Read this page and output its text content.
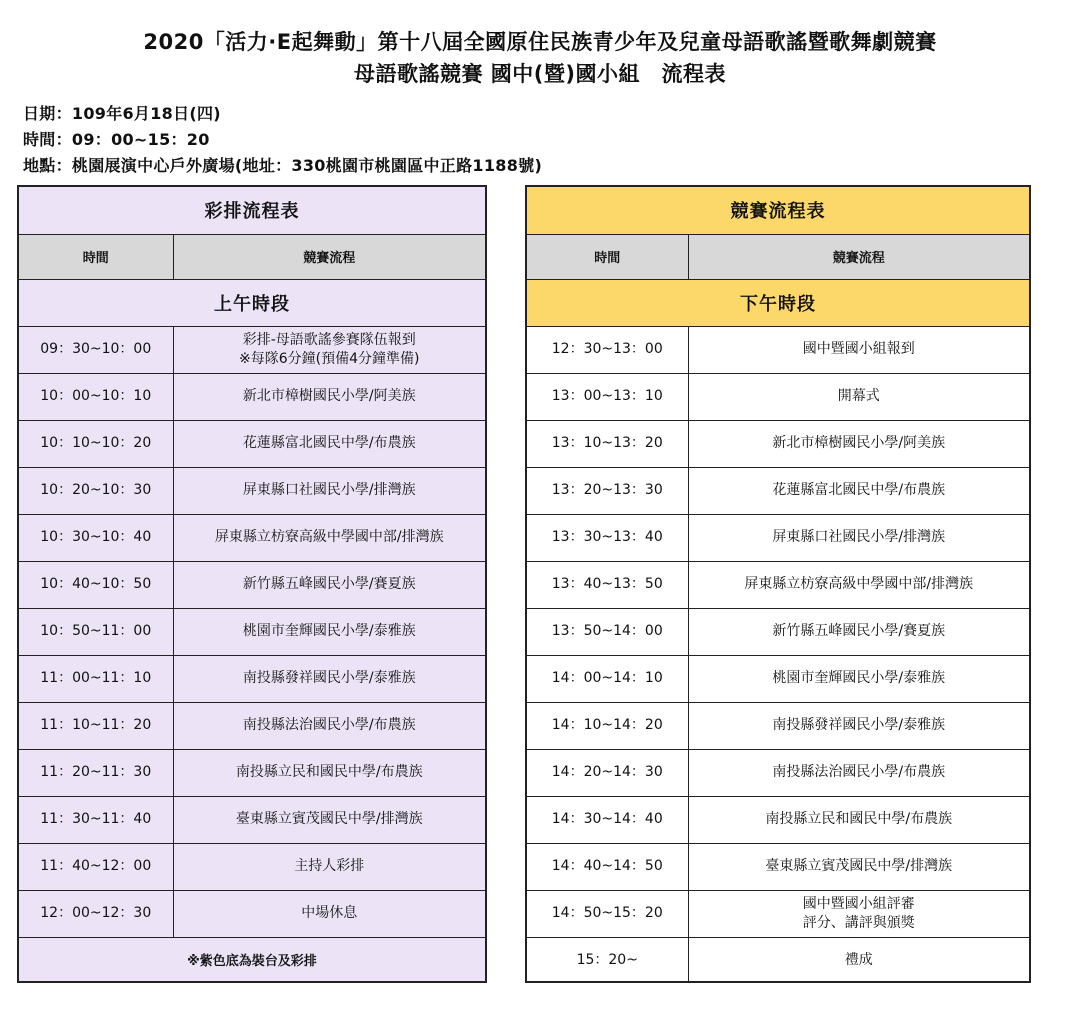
2020「活力·E起舞動」第十八屆全國原住民族青少年及兒童母語歌謠暨歌舞劇競賽
母語歌謠競賽 國中(暨)國小組　流程表
日期：109年6月18日(四)
時間：09：00~15：20
地點：桃園展演中心戶外廣場(地址：330桃園市桃園區中正路1188號)
彩排流程表	
時間	競賽流程
上午時段	
09：30~10：00	彩排-母語歌謠參賽隊伍報到
※每隊6分鐘(預備4分鐘準備)

10：00~10：10	新北市樟樹國民小學/阿美族

10：10~10：20	花蓮縣富北國民中學/布農族

10：20~10：30	屏東縣口社國民小學/排灣族

10：30~10：40	屏東縣立枋寮高級中學國中部/排灣族

10：40~10：50	新竹縣五峰國民小學/賽夏族

10：50~11：00	桃園市奎輝國民小學/泰雅族

11：00~11：10	南投縣發祥國民小學/泰雅族

11：10~11：20	南投縣法治國民小學/布農族

11：20~11：30	南投縣立民和國民中學/布農族

11：30~11：40	臺東縣立賓茂國民中學/排灣族

11：40~12：00	主持人彩排

12：00~12：30	中場休息

※紫色底為裝台及彩排	
競賽流程表	
時間	競賽流程
下午時段	
12：30~13：00	國中暨國小組報到

13：00~13：10	開幕式

13：10~13：20	新北市樟樹國民小學/阿美族

13：20~13：30	花蓮縣富北國民中學/布農族

13：30~13：40	屏東縣口社國民小學/排灣族

13：40~13：50	屏東縣立枋寮高級中學國中部/排灣族

13：50~14：00	新竹縣五峰國民小學/賽夏族

14：00~14：10	桃園市奎輝國民小學/泰雅族

14：10~14：20	南投縣發祥國民小學/泰雅族

14：20~14：30	南投縣法治國民小學/布農族

14：30~14：40	南投縣立民和國民中學/布農族

14：40~14：50	臺東縣立賓茂國民中學/排灣族

14：50~15：20	國中暨國小組評審
評分、講評與頒獎

15：20~	禮成
